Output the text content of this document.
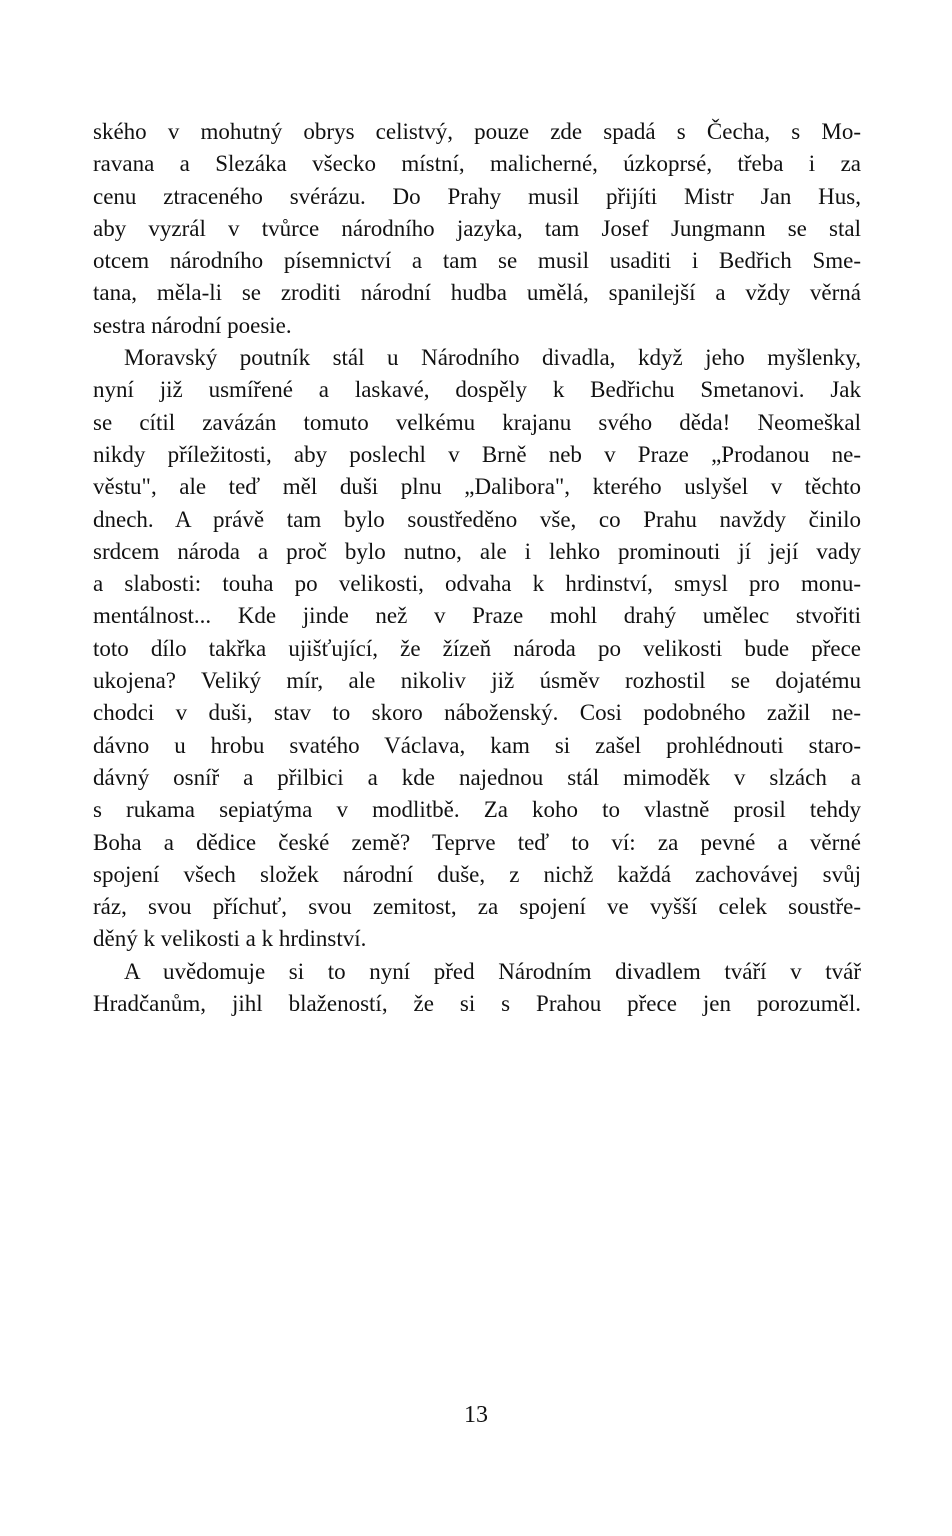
ského v mohutný obrys celistvý, pouze zde spadá s Čecha, s Mo-
ravana a Slezáka všecko místní, malicherné, úzkoprsé, třeba i za
cenu ztraceného svérázu. Do Prahy musil přijíti Mistr Jan Hus,
aby vyzrál v tvůrce národního jazyka, tam Josef Jungmann se stal
otcem národního písemnictví a tam se musil usaditi i Bedřich Sme-
tana, měla-li se zroditi národní hudba umělá, spanilejší a vždy věrná
sestra národní poesie.
Moravský poutník stál u Národního divadla, když jeho myšlenky,
nyní již usmířené a laskavé, dospěly k Bedřichu Smetanovi. Jak
se cítil zavázán tomuto velkému krajanu svého děda! Neomeškal
nikdy příležitosti, aby poslechl v Brně neb v Praze „Prodanou ne-
věstu", ale teď měl duši plnu „Dalibora", kterého uslyšel v těchto
dnech. A právě tam bylo soustředěno vše, co Prahu navždy činilo
srdcem národa a proč bylo nutno, ale i lehko prominouti jí její vady
a slabosti: touha po velikosti, odvaha k hrdinství, smysl pro monu-
mentálnost... Kde jinde než v Praze mohl drahý umělec stvořiti
toto dílo takřka ujišťující, že žízeň národa po velikosti bude přece
ukojena? Veliký mír, ale nikoliv již úsměv rozhostil se dojatému
chodci v duši, stav to skoro náboženský. Cosi podobného zažil ne-
dávno u hrobu svatého Václava, kam si zašel prohlédnouti staro-
dávný osníř a přilbici a kde najednou stál mimoděk v slzách a
s rukama sepiatýma v modlitbě. Za koho to vlastně prosil tehdy
Boha a dědice české země? Teprve teď to ví: za pevné a věrné
spojení všech složek národní duše, z nichž každá zachovávej svůj
ráz, svou příchuť, svou zemitost, za spojení ve vyšší celek soustře-
děný k velikosti a k hrdinství.
A uvědomuje si to nyní před Národním divadlem tváří v tvář
Hradčanům, jihl blažeností, že si s Prahou přece jen porozuměl.
13
